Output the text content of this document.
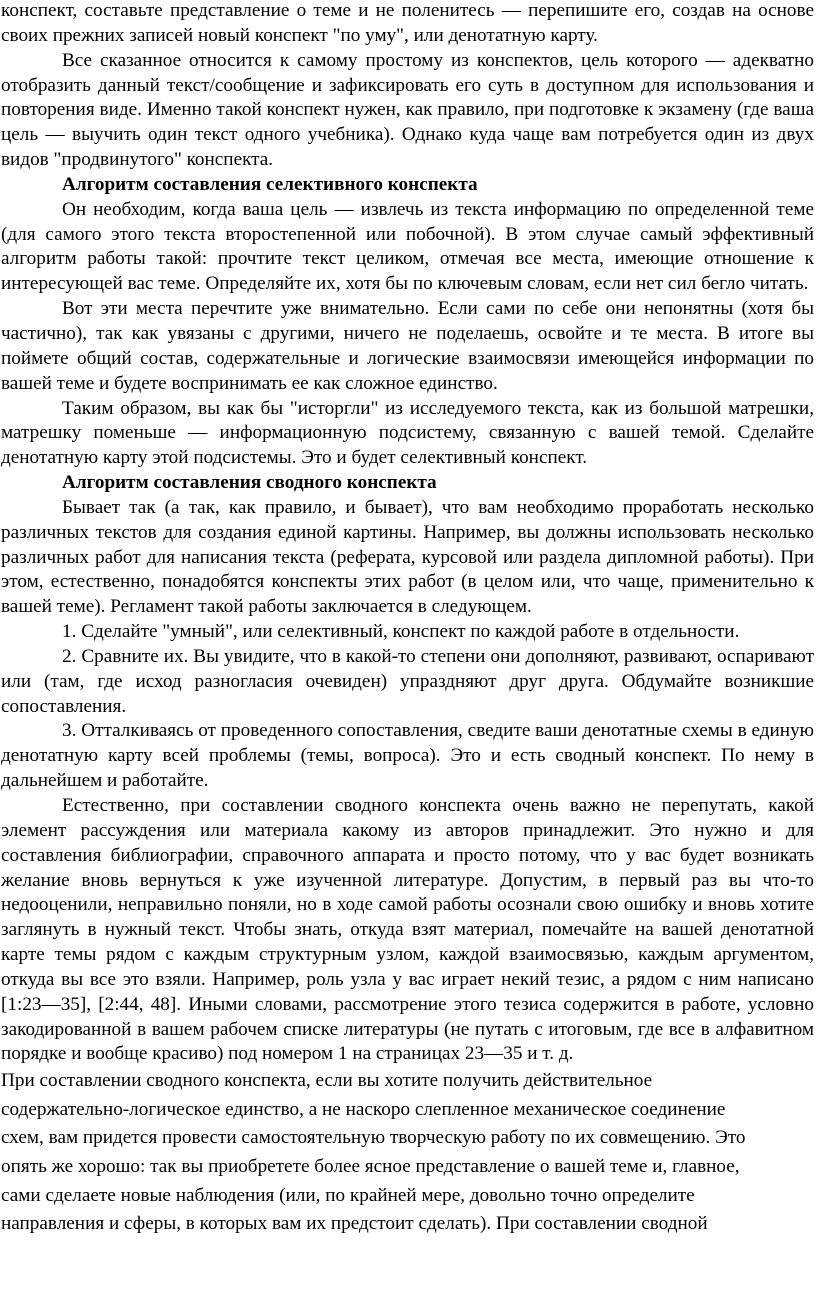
конспект, составьте представление о теме и не поленитесь — перепишите его, создав на основе своих прежних записей новый конспект "по уму", или денотатную карту.

Все сказанное относится к самому простому из конспектов, цель которого — адекватно отобразить данный текст/сообщение и зафиксировать его суть в доступном для использования и повторения виде. Именно такой конспект нужен, как правило, при подготовке к экзамену (где ваша цель — выучить один текст одного учебника). Однако куда чаще вам потребуется один из двух видов "продвинутого" конспекта.

Алгоритм составления селективного конспекта

Он необходим, когда ваша цель — извлечь из текста информацию по определенной теме (для самого этого текста второстепенной или побочной). В этом случае самый эффективный алгоритм работы такой: прочтите текст целиком, отмечая все места, имеющие отношение к интересующей вас теме. Определяйте их, хотя бы по ключевым словам, если нет сил бегло читать.

Вот эти места перечтите уже внимательно. Если сами по себе они непонятны (хотя бы частично), так как увязаны с другими, ничего не поделаешь, освойте и те места. В итоге вы поймете общий состав, содержательные и логические взаимосвязи имеющейся информации по вашей теме и будете воспринимать ее как сложное единство.

Таким образом, вы как бы "исторгли" из исследуемого текста, как из большой матрешки, матрешку поменьше — информационную подсистему, связанную с вашей темой. Сделайте денотатную карту этой подсистемы. Это и будет селективный конспект.

Алгоритм составления сводного конспекта

Бывает так (а так, как правило, и бывает), что вам необходимо проработать несколько различных текстов для создания единой картины. Например, вы должны использовать несколько различных работ для написания текста (реферата, курсовой или раздела дипломной работы). При этом, естественно, понадобятся конспекты этих работ (в целом или, что чаще, применительно к вашей теме). Регламент такой работы заключается в следующем.

1. Сделайте "умный", или селективный, конспект по каждой работе в отдельности.

2. Сравните их. Вы увидите, что в какой-то степени они дополняют, развивают, оспаривают или (там, где исход разногласия очевиден) упраздняют друг друга. Обдумайте возникшие сопоставления.

3. Отталкиваясь от проведенного сопоставления, сведите ваши денотатные схемы в единую денотатную карту всей проблемы (темы, вопроса). Это и есть сводный конспект. По нему в дальнейшем и работайте.

Естественно, при составлении сводного конспекта очень важно не перепутать, какой элемент рассуждения или материала какому из авторов принадлежит. Это нужно и для составления библиографии, справочного аппарата и просто потому, что у вас будет возникать желание вновь вернуться к уже изученной литературе. Допустим, в первый раз вы что-то недооценили, неправильно поняли, но в ходе самой работы осознали свою ошибку и вновь хотите заглянуть в нужный текст. Чтобы знать, откуда взят материал, помечайте на вашей денотатной карте темы рядом с каждым структурным узлом, каждой взаимосвязью, каждым аргументом, откуда вы все это взяли. Например, роль узла у вас играет некий тезис, а рядом с ним написано [1:23—35], [2:44, 48]. Иными словами, рассмотрение этого тезиса содержится в работе, условно закодированной в вашем рабочем списке литературы (не путать с итоговым, где все в алфавитном порядке и вообще красиво) под номером 1 на страницах 23—35 и т. д.

При составлении сводного конспекта, если вы хотите получить действительное

содержательно-логическое единство, а не наскоро слепленное механическое соединение

схем, вам придется провести самостоятельную творческую работу по их совмещению. Это

опять же хорошо: так вы приобретете более ясное представление о вашей теме и, главное,

сами сделаете новые наблюдения (или, по крайней мере, довольно точно определите

направления и сферы, в которых вам их предстоит сделать). При составлении сводной
